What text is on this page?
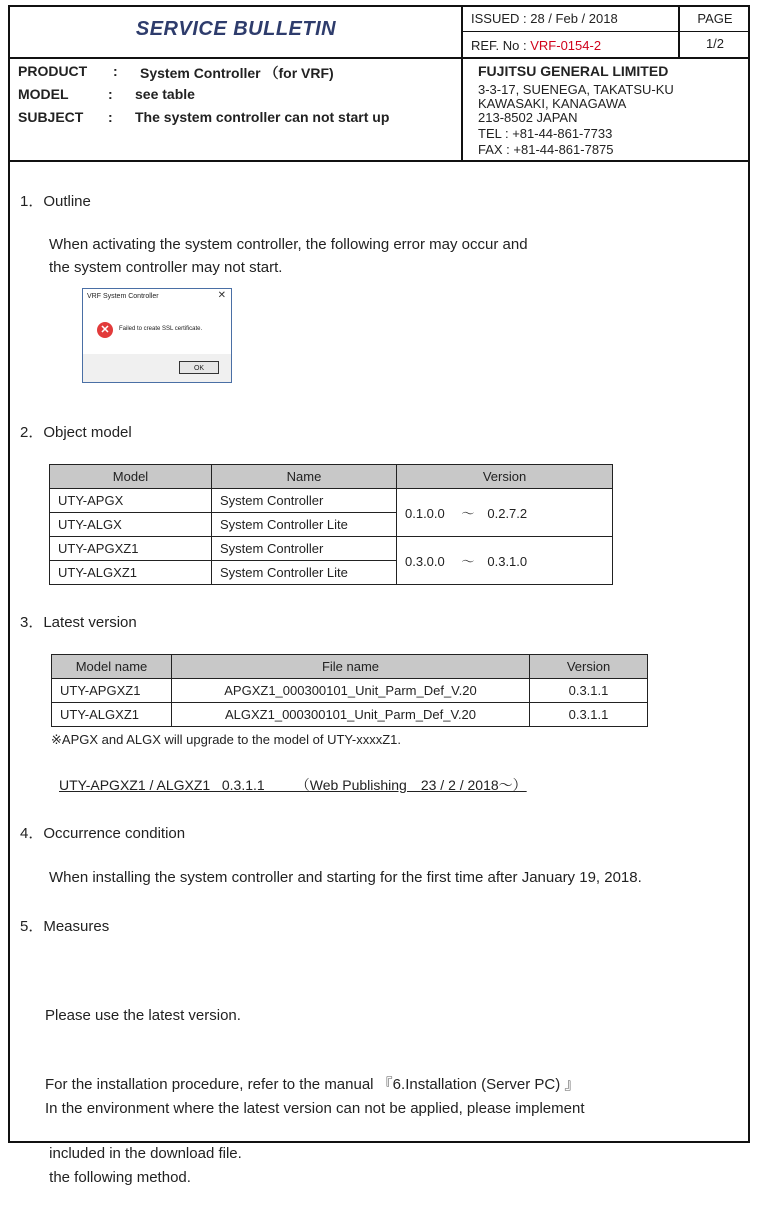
SERVICE BULLETIN	ISSUED : 28 / Feb / 2018
REF. No : VRF-0154-2
PAGE
1/2
PRODUCT : System Controller （for VRF)
MODEL	: see table
SUBJECT : The system controller can not start up
FUJITSU GENERAL LIMITED
3-3-17, SUENEGA, TAKATSU-KU
KAWASAKI, KANAGAWA
213-8502 JAPAN
TEL : +81-44-861-7733
FAX : +81-44-861-7875
1．Outline
When activating the system controller, the following error may occur and
the system controller may not start.
VRF System Controller	✕
✕	Failed to create SSL certificate.
OK
2．Object model
Model	Name	Version
UTY-APGX	System Controller	0.1.0.0 　～　0.2.7.2
UTY-ALGX	System Controller Lite	
UTY-APGXZ1	System Controller	0.3.0.0 　～　0.3.1.0
UTY-ALGXZ1	System Controller Lite	
3．Latest version
Model name	File name	Version
UTY-APGXZ1	APGXZ1_000300101_Unit_Parm_Def_V.20	0.3.1.1
UTY-ALGXZ1	ALGXZ1_000300101_Unit_Parm_Def_V.20	0.3.1.1
※APGX and ALGX will upgrade to the model of UTY-xxxxZ1.
UTY-APGXZ1 / ALGXZ1   0.3.1.1        （Web Publishing　23 / 2 / 2018～）
4．Occurrence condition
When installing the system controller and starting for the first time after January 19, 2018.
5．Measures

Please use the latest version.

For the installation procedure, refer to the manual 『6.Installation (Server PC) 』

included in the download file.

In the environment where the latest version can not be applied, please implement

the following method.
